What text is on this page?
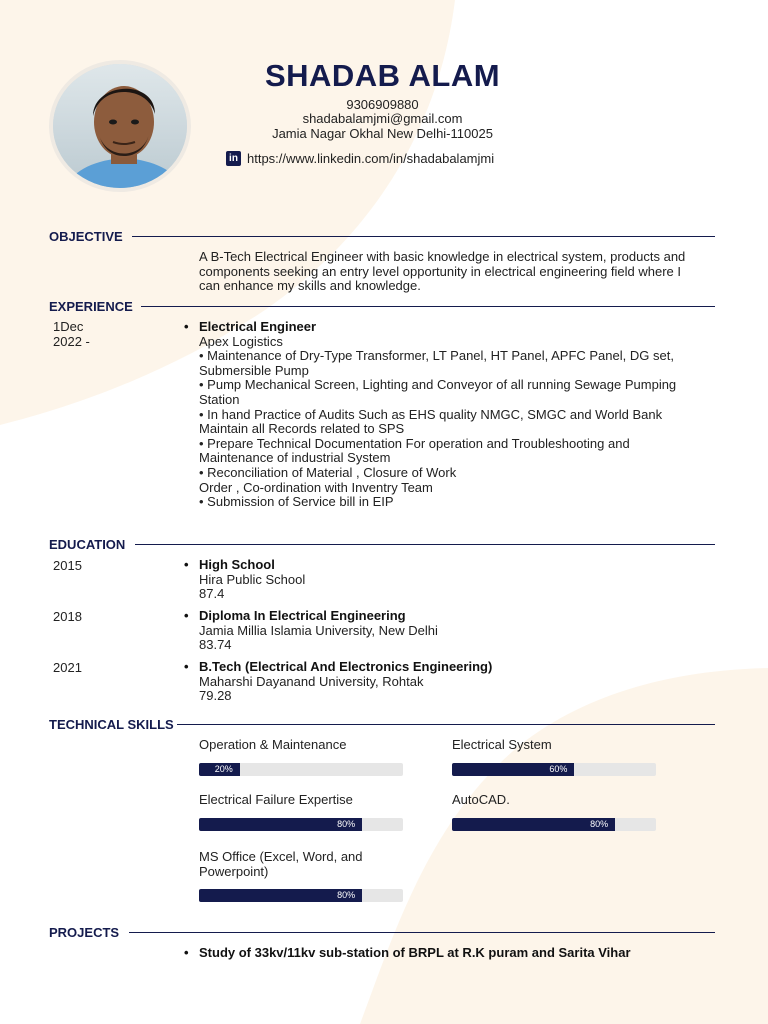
SHADAB ALAM
9306909880
shadabalamjmi@gmail.com
Jamia Nagar Okhal New Delhi-110025
in https://www.linkedin.com/in/shadabalamjmi
OBJECTIVE
A B-Tech Electrical Engineer with basic knowledge in electrical system, products and
components seeking an entry level opportunity in electrical engineering field where I
can enhance my skills and knowledge.
EXPERIENCE
1Dec
2022 -
• Electrical Engineer
Apex Logistics
• Maintenance of Dry-Type Transformer, LT Panel, HT Panel, APFC Panel, DG set,
Submersible Pump
• Pump Mechanical Screen, Lighting and Conveyor of all running Sewage Pumping
Station
• In hand Practice of Audits Such as EHS quality NMGC, SMGC and World Bank
Maintain all Records related to SPS
• Prepare Technical Documentation For operation and Troubleshooting and
Maintenance of industrial System
• Reconciliation of Material , Closure of Work
Order , Co-ordination with Inventry Team
• Submission of Service bill in EIP
EDUCATION
2015	• High School
Hira Public School
87.4
2018	• Diploma In Electrical Engineering
Jamia Millia Islamia University, New Delhi
83.74
2021	• B.Tech (Electrical And Electronics Engineering)
Maharshi Dayanand University, Rohtak
79.28
TECHNICAL SKILLS
Operation & Maintenance
20%
Electrical System
60%
Electrical Failure Expertise
80%
AutoCAD.
80%
MS Office (Excel, Word, and Powerpoint)
80%
PROJECTS
• Study of 33kv/11kv sub-station of BRPL at R.K puram and Sarita Vihar
